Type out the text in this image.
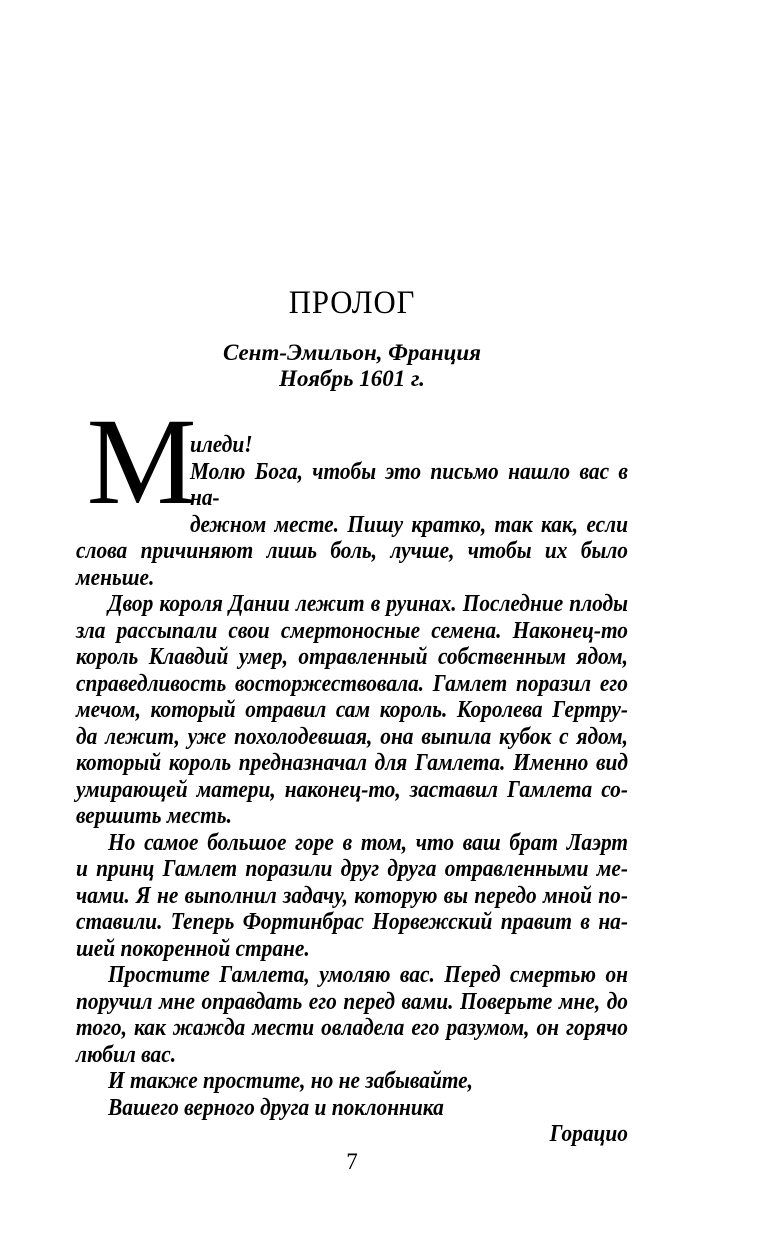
ПРОЛОГ
Сент-Эмильон, Франция
Ноябрь 1601 г.
М
иледи!
Молю Бога, чтобы это письмо нашло вас в на-
дежном месте. Пишу кратко, так как, если
слова причиняют лишь боль, лучше, чтобы их было меньше.
Двор короля Дании лежит в руинах. Последние плоды
зла рассыпали свои смертоносные семена. Наконец-то
король Клавдий умер, отравленный собственным ядом,
справедливость восторжествовала. Гамлет поразил его
мечом, который отравил сам король. Королева Гертру-
да лежит, уже похолодевшая, она выпила кубок с ядом,
который король предназначал для Гамлета. Именно вид
умирающей матери, наконец-то, заставил Гамлета со-
вершить месть.
Но самое большое горе в том, что ваш брат Лаэрт
и принц Гамлет поразили друг друга отравленными ме-
чами. Я не выполнил задачу, которую вы передо мной по-
ставили. Теперь Фортинбрас Норвежский правит в на-
шей покоренной стране.
Простите Гамлета, умоляю вас. Перед смертью он
поручил мне оправдать его перед вами. Поверьте мне, до
того, как жажда мести овладела его разумом, он горячо
любил вас.
И также простите, но не забывайте,
Вашего верного друга и поклонника
Горацио
7
